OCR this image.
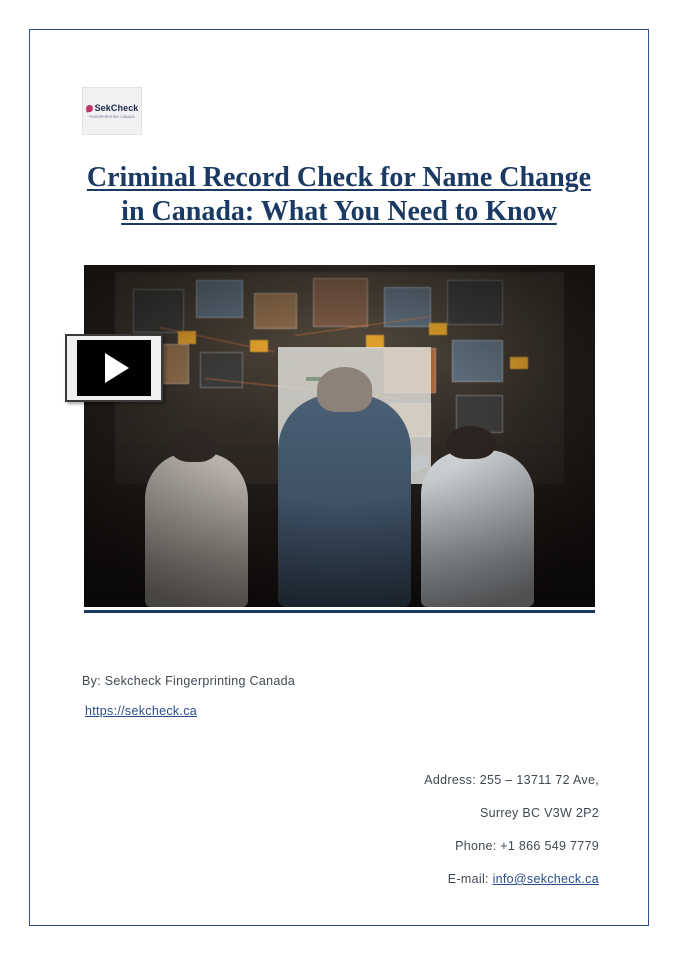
SekCheck
FINGERPRINTING CANADA
Criminal Record Check for Name Change in Canada: What You Need to Know
By: Sekcheck Fingerprinting Canada
https://sekcheck.ca
Address: 255 – 13711 72 Ave,
Surrey BC V3W 2P2
Phone: +1 866 549 7779
E-mail: info@sekcheck.ca
